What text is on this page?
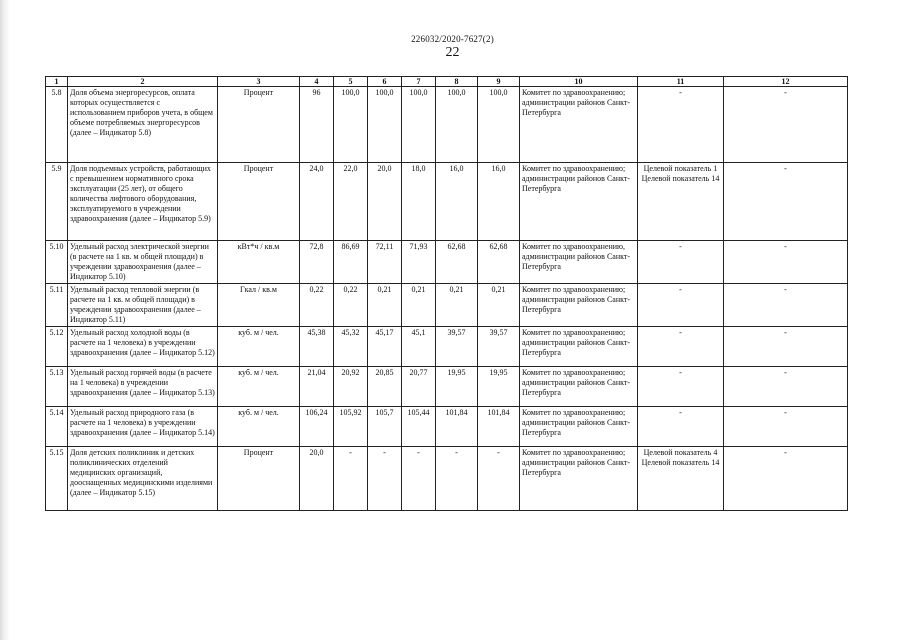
226032/2020-7627(2)
22
1	2	3	4	5	6	7	8	9	10	11	12
5.8	Доля объема энергоресурсов, оплата которых осуществляется с использованием приборов учета, в общем объеме потребляемых энергоресурсов (далее – Индикатор 5.8)	Процент	96	100,0	100,0	100,0	100,0	100,0	Комитет по здравоохранению; администрации районов Санкт-Петербурга	-	-
5.9	Доля подъемных устройств, работающих с превышением нормативного срока эксплуатации (25 лет), от общего количества лифтового оборудования, эксплуатируемого в учреждении здравоохранения (далее – Индикатор 5.9)	Процент	24,0	22,0	20,0	18,0	16,0	16,0	Комитет по здравоохранению; администрации районов Санкт-Петербурга	Целевой показатель 1 Целевой показатель 14	-
5.10	Удельный расход электрической энергии (в расчете на 1 кв. м общей площади) в учреждении здравоохранения (далее – Индикатор 5.10)	кВт*ч / кв.м	72,8	86,69	72,11	71,93	62,68	62,68	Комитет по здравоохранению, администрации районов Санкт-Петербурга	-	-
5.11	Удельный расход тепловой энергии (в расчете на 1 кв. м общей площади) в учреждении здравоохранения (далее – Индикатор 5.11)	Гкал / кв.м	0,22	0,22	0,21	0,21	0,21	0,21	Комитет по здравоохранению; администрации районов Санкт-Петербурга	-	-
5.12	Удельный расход холодной воды (в расчете на 1 человека) в учреждении здравоохранения (далее – Индикатор 5.12)	куб. м / чел.	45,38	45,32	45,17	45,1	39,57	39,57	Комитет по здравоохранению; администрации районов Санкт-Петербурга	-	-
5.13	Удельный расход горячей воды (в расчете на 1 человека) в учреждении здравоохранения (далее – Индикатор 5.13)	куб. м / чел.	21,04	20,92	20,85	20,77	19,95	19,95	Комитет по здравоохранению; администрации районов Санкт-Петербурга	-	-
5.14	Удельный расход природного газа (в расчете на 1 человека) в учреждении здравоохранения (далее – Индикатор 5.14)	куб. м / чел.	106,24	105,92	105,7	105,44	101,84	101,84	Комитет по здравоохранению; администрации районов Санкт-Петербурга	-	-
5.15	Доля детских поликлиник и детских поликлинических отделений медицинских организаций, дооснащенных медицинскими изделиями (далее – Индикатор 5.15)	Процент	20,0	-	-	-	-	-	Комитет по здравоохранению; администрации районов Санкт-Петербурга	Целевой показатель 4 Целевой показатель 14	-
